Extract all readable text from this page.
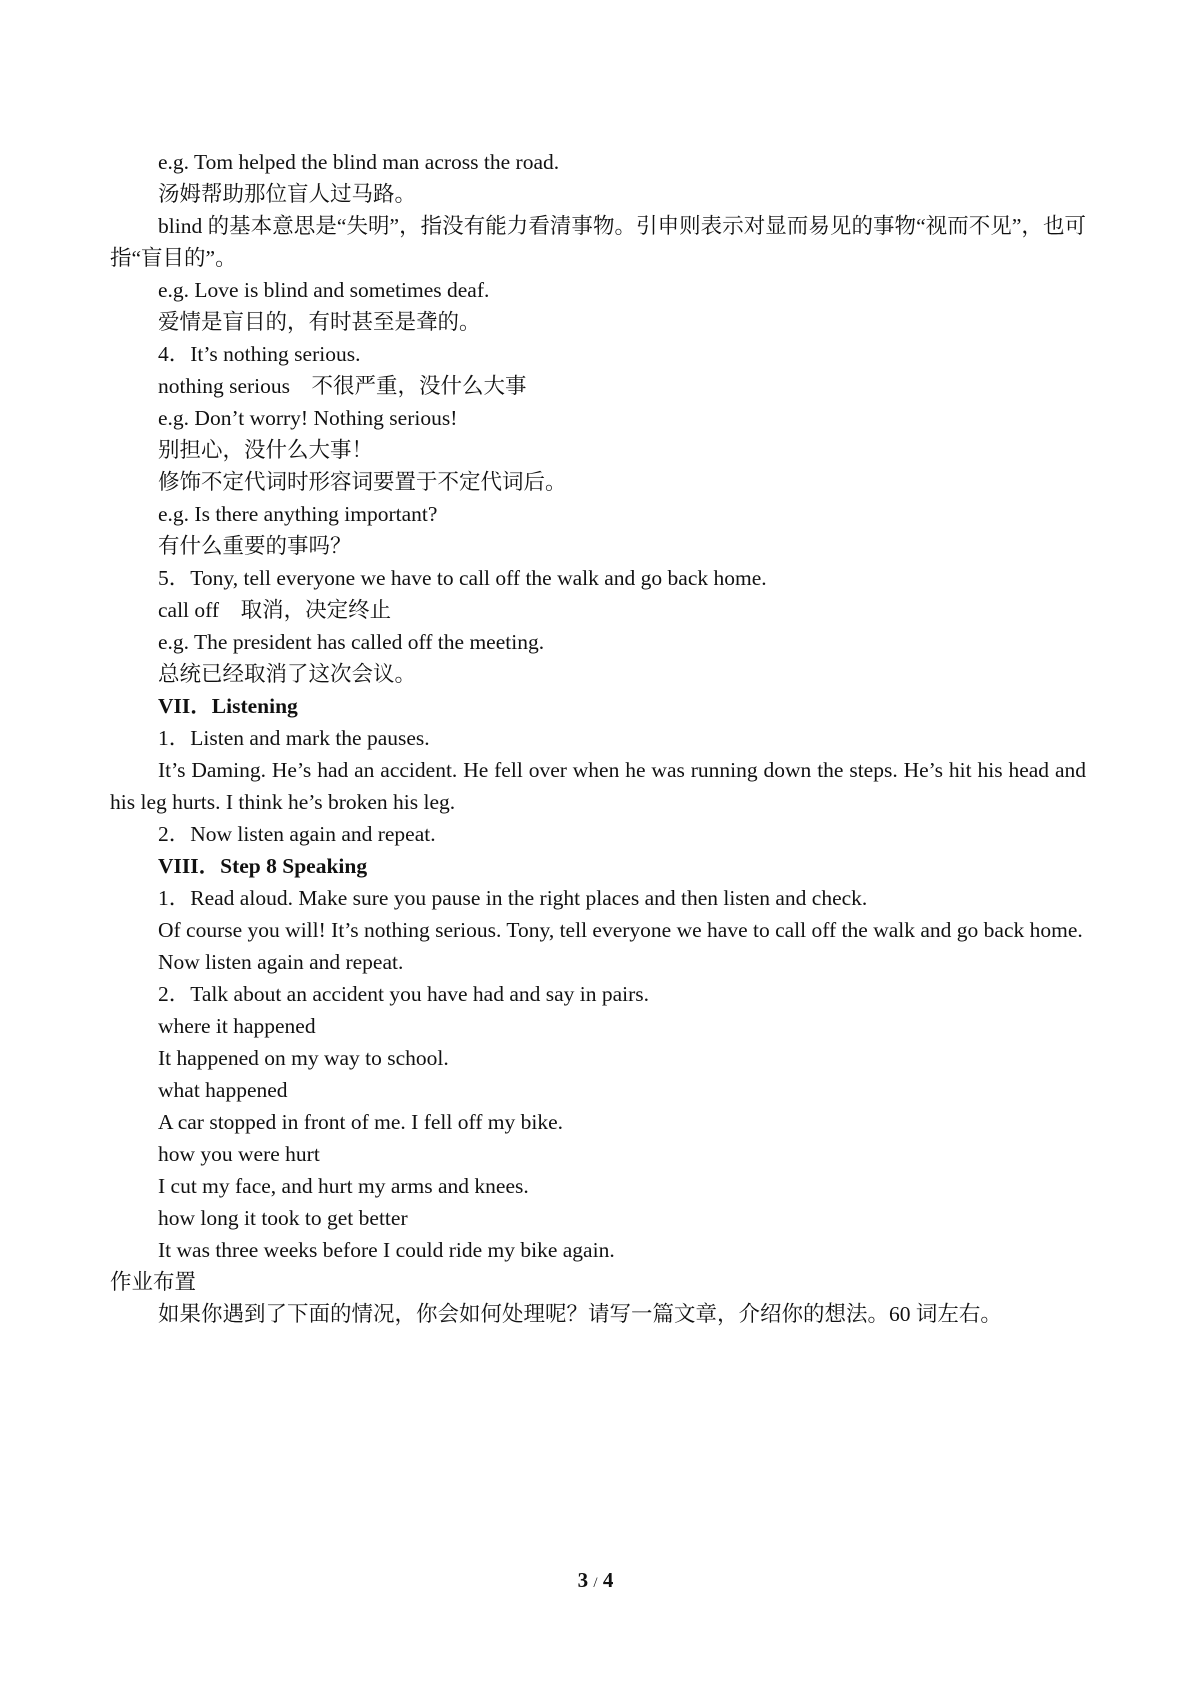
e.g. Tom helped the blind man across the road.
汤姆帮助那位盲人过马路。
blind 的基本意思是“失明”，指没有能力看清事物。引申则表示对显而易见的事物“视而不见”，也可指“盲目的”。
e.g. Love is blind and sometimes deaf.
爱情是盲目的，有时甚至是聋的。
4．It’s nothing serious.
nothing serious　不很严重，没什么大事
e.g. Don’t worry! Nothing serious!
别担心，没什么大事！
修饰不定代词时形容词要置于不定代词后。
e.g. Is there anything important?
有什么重要的事吗？
5．Tony, tell everyone we have to call off the walk and go back home.
call off　取消，决定终止
e.g. The president has called off the meeting.
总统已经取消了这次会议。
VII．Listening
1．Listen and mark the pauses.
It’s Daming. He’s had an accident. He fell over when he was running down the steps. He’s hit his head and his leg hurts. I think he’s broken his leg.
2．Now listen again and repeat.
VIII．Step 8 Speaking
1．Read aloud. Make sure you pause in the right places and then listen and check.
Of course you will! It’s nothing serious. Tony, tell everyone we have to call off the walk and go back home.
Now listen again and repeat.
2．Talk about an accident you have had and say in pairs.
where it happened
It happened on my way to school.
what happened
A car stopped in front of me. I fell off my bike.
how you were hurt
I cut my face, and hurt my arms and knees.
how long it took to get better
It was three weeks before I could ride my bike again.
作业布置
如果你遇到了下面的情况，你会如何处理呢？请写一篇文章，介绍你的想法。60 词左右。
3 / 4
